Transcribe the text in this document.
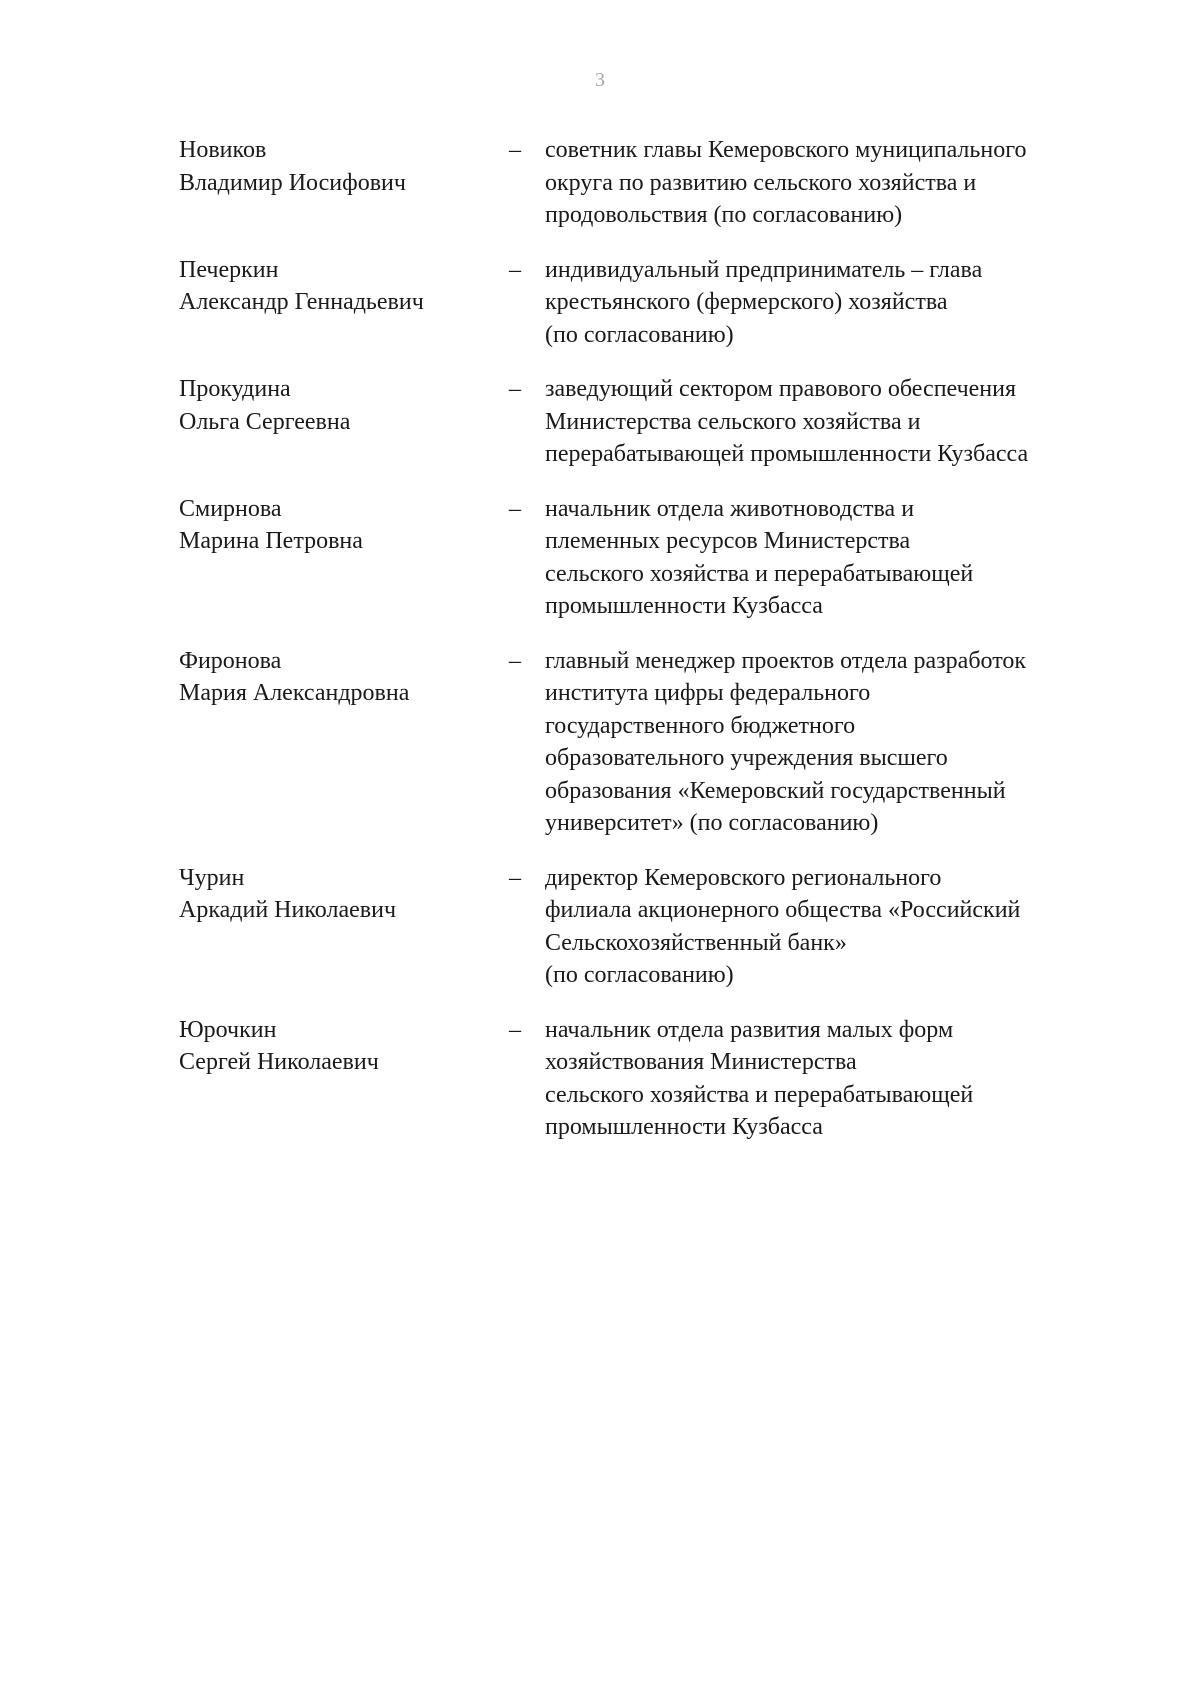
3
Новиков
Владимир Иосифович
–	советник главы Кемеровского муниципального
округа по развитию сельского хозяйства и
продовольствия (по согласованию)
Печеркин
Александр Геннадьевич
–	индивидуальный предприниматель – глава
крестьянского (фермерского) хозяйства
(по согласованию)
Прокудина
Ольга Сергеевна
–	заведующий сектором правового обеспечения
Министерства сельского хозяйства и
перерабатывающей промышленности Кузбасса
Смирнова
Марина Петровна
–	начальник отдела животноводства и
племенных ресурсов Министерства
сельского хозяйства и перерабатывающей
промышленности Кузбасса
Фиронова
Мария Александровна
–	главный менеджер проектов отдела разработок
института цифры федерального
государственного бюджетного
образовательного учреждения высшего
образования «Кемеровский государственный
университет» (по согласованию)
Чурин
Аркадий Николаевич
–	директор Кемеровского регионального
филиала акционерного общества «Российский
Сельскохозяйственный банк»
(по согласованию)
Юрочкин
Сергей Николаевич
–	начальник отдела развития малых форм
хозяйствования Министерства
сельского хозяйства и перерабатывающей
промышленности Кузбасса
